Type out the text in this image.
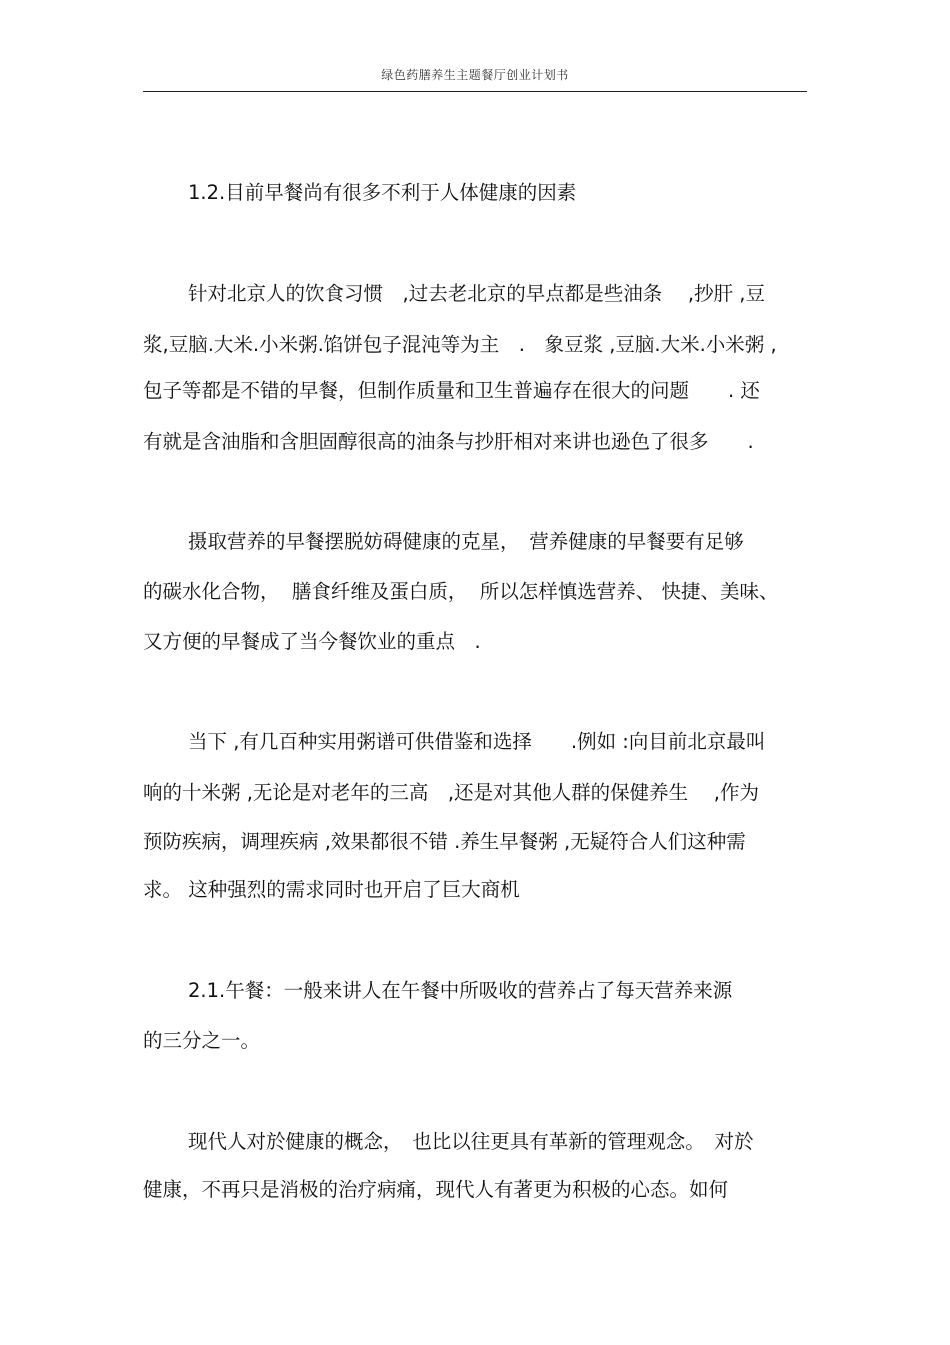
绿色药膳养生主题餐厅创业计划书
1.2.目前早餐尚有很多不利于人体健康的因素
针对北京人的饮食习惯　,过去老北京的早点都是些油条　 ,抄肝 ,豆
浆,豆脑.大米.小米粥.馅饼包子混沌等为主　.　象豆浆 ,豆脑.大米.小米粥 ,
包子等都是不错的早餐，但制作质量和卫生普遍存在很大的问题　　. 还
有就是含油脂和含胆固醇很高的油条与抄肝相对来讲也逊色了很多　　.
摄取营养的早餐摆脱妨碍健康的克星，　营养健康的早餐要有足够
的碳水化合物，  膳食纤维及蛋白质，  所以怎样慎选营养、 快捷、美味、
又方便的早餐成了当今餐饮业的重点　.
当下 ,有几百种实用粥谱可供借鉴和选择　　.例如 :向目前北京最叫
响的十米粥 ,无论是对老年的三高　,还是对其他人群的保健养生　 ,作为
预防疾病，调理疾病 ,效果都很不错 .养生早餐粥 ,无疑符合人们这种需
求。 这种强烈的需求同时也开启了巨大商机
2.1.午餐：一般来讲人在午餐中所吸收的营养占了每天营养来源
的三分之一。
现代人对於健康的概念，　也比以往更具有革新的管理观念。　对於
健康，不再只是消极的治疗病痛，现代人有著更为积极的心态。如何
